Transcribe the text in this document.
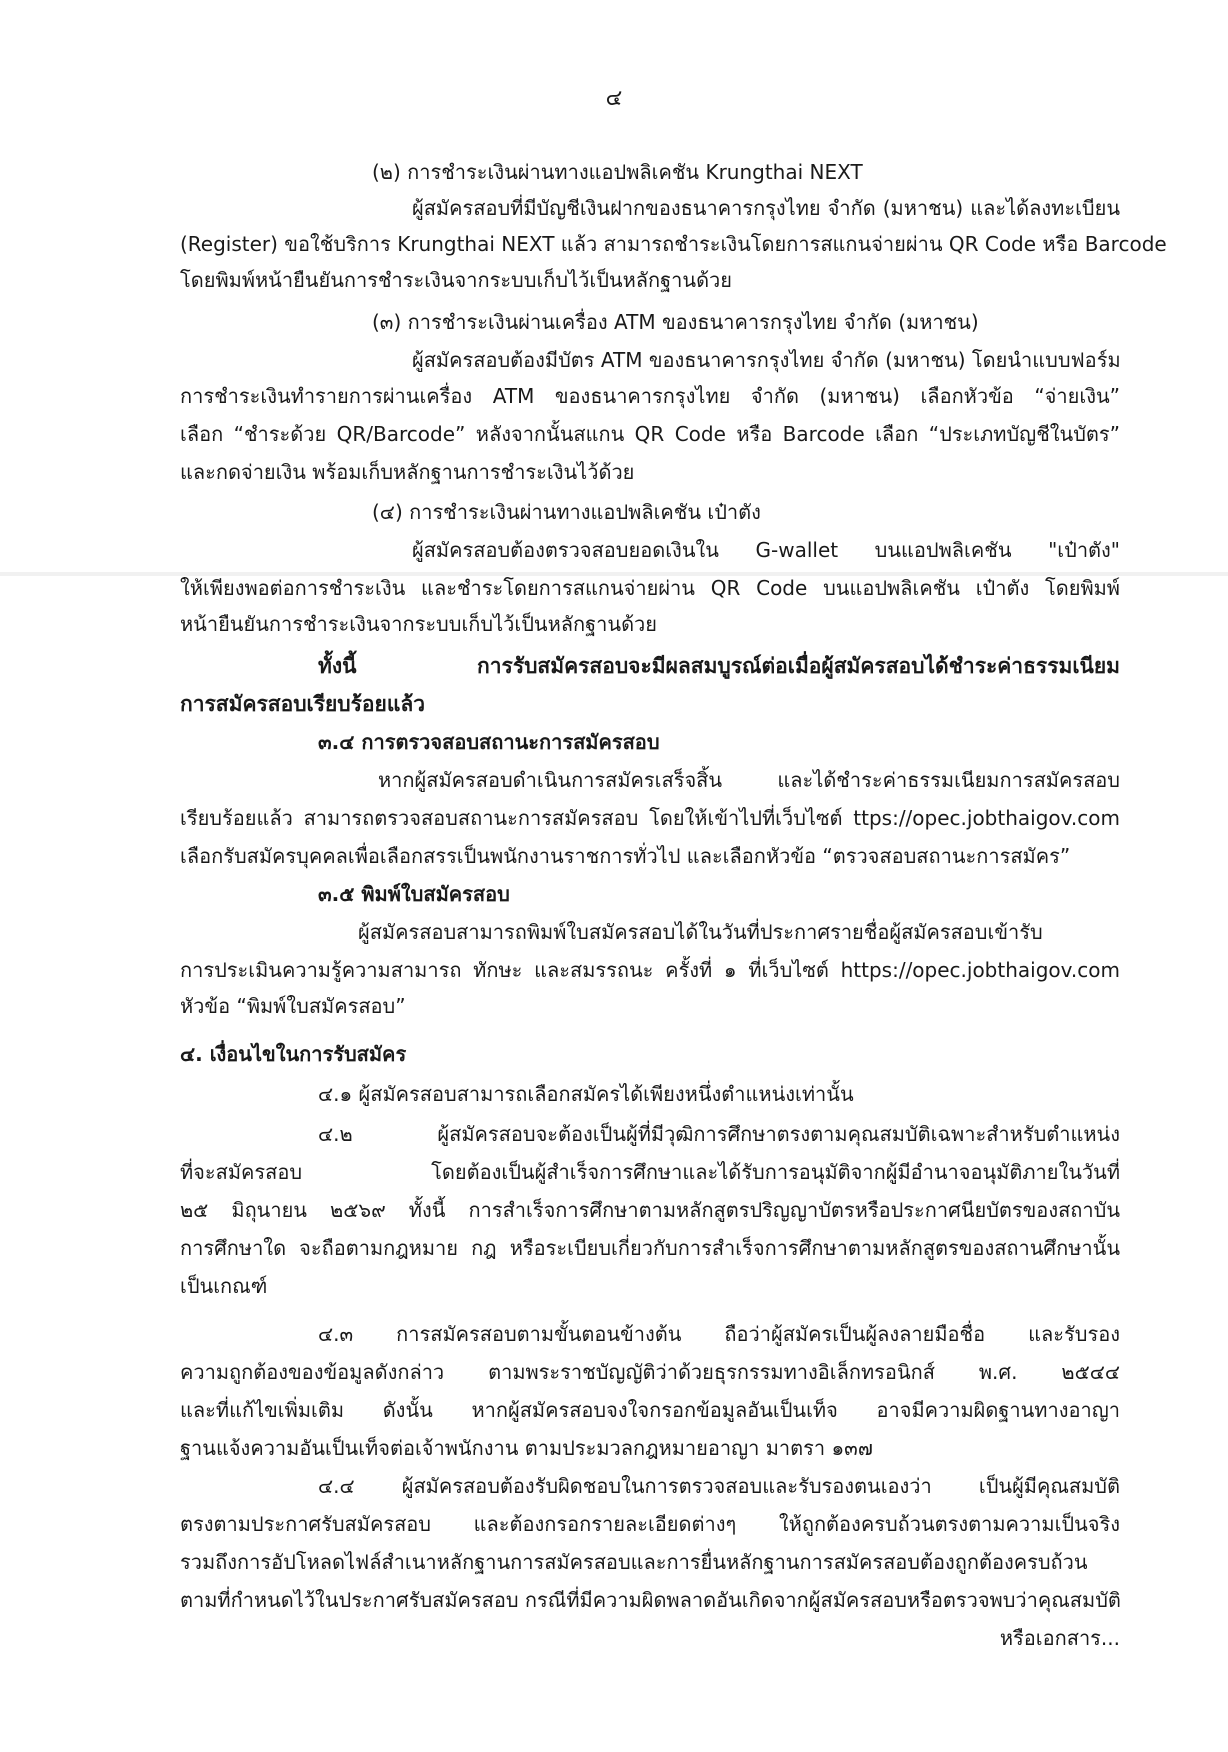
๔
(๒) การชำระเงินผ่านทางแอปพลิเคชัน Krungthai NEXT
ผู้สมัครสอบที่มีบัญชีเงินฝากของธนาคารกรุงไทย จำกัด (มหาชน) และได้ลงทะเบียน
(Register) ขอใช้บริการ Krungthai NEXT แล้ว สามารถชำระเงินโดยการสแกนจ่ายผ่าน QR Code หรือ Barcode
โดยพิมพ์หน้ายืนยันการชำระเงินจากระบบเก็บไว้เป็นหลักฐานด้วย
(๓) การชำระเงินผ่านเครื่อง ATM ของธนาคารกรุงไทย จำกัด (มหาชน)
ผู้สมัครสอบต้องมีบัตร ATM ของธนาคารกรุงไทย จำกัด (มหาชน) โดยนำแบบฟอร์ม
การชำระเงินทำรายการผ่านเครื่อง ATM ของธนาคารกรุงไทย จำกัด (มหาชน) เลือกหัวข้อ “จ่ายเงิน”
เลือก “ชำระด้วย QR/Barcode” หลังจากนั้นสแกน QR Code หรือ Barcode เลือก “ประเภทบัญชีในบัตร”
และกดจ่ายเงิน พร้อมเก็บหลักฐานการชำระเงินไว้ด้วย
(๔) การชำระเงินผ่านทางแอปพลิเคชัน เป๋าตัง
ผู้สมัครสอบต้องตรวจสอบยอดเงินใน G-wallet บนแอปพลิเคชัน "เป๋าตัง"
ให้เพียงพอต่อการชำระเงิน และชำระโดยการสแกนจ่ายผ่าน QR Code บนแอปพลิเคชัน เป๋าตัง โดยพิมพ์
หน้ายืนยันการชำระเงินจากระบบเก็บไว้เป็นหลักฐานด้วย
ทั้งนี้ การรับสมัครสอบจะมีผลสมบูรณ์ต่อเมื่อผู้สมัครสอบได้ชำระค่าธรรมเนียม
การสมัครสอบเรียบร้อยแล้ว
๓.๔ การตรวจสอบสถานะการสมัครสอบ
หากผู้สมัครสอบดำเนินการสมัครเสร็จสิ้น และได้ชำระค่าธรรมเนียมการสมัครสอบ
เรียบร้อยแล้ว สามารถตรวจสอบสถานะการสมัครสอบ โดยให้เข้าไปที่เว็บไซต์ ttps://opec.jobthaigov.com
เลือกรับสมัครบุคคลเพื่อเลือกสรรเป็นพนักงานราชการทั่วไป และเลือกหัวข้อ “ตรวจสอบสถานะการสมัคร”
๓.๕ พิมพ์ใบสมัครสอบ
ผู้สมัครสอบสามารถพิมพ์ใบสมัครสอบได้ในวันที่ประกาศรายชื่อผู้สมัครสอบเข้ารับ
การประเมินความรู้ความสามารถ ทักษะ และสมรรถนะ ครั้งที่ ๑ ที่เว็บไซต์ https://opec.jobthaigov.com
หัวข้อ “พิมพ์ใบสมัครสอบ”
๔. เงื่อนไขในการรับสมัคร
๔.๑ ผู้สมัครสอบสามารถเลือกสมัครได้เพียงหนึ่งตำแหน่งเท่านั้น
๔.๒ ผู้สมัครสอบจะต้องเป็นผู้ที่มีวุฒิการศึกษาตรงตามคุณสมบัติเฉพาะสำหรับตำแหน่ง
ที่จะสมัครสอบ โดยต้องเป็นผู้สำเร็จการศึกษาและได้รับการอนุมัติจากผู้มีอำนาจอนุมัติภายในวันที่
๒๕ มิถุนายน ๒๕๖๙ ทั้งนี้ การสำเร็จการศึกษาตามหลักสูตรปริญญาบัตรหรือประกาศนียบัตรของสถาบัน
การศึกษาใด จะถือตามกฎหมาย กฎ หรือระเบียบเกี่ยวกับการสำเร็จการศึกษาตามหลักสูตรของสถานศึกษานั้น
เป็นเกณฑ์
๔.๓ การสมัครสอบตามขั้นตอนข้างต้น ถือว่าผู้สมัครเป็นผู้ลงลายมือชื่อ และรับรอง
ความถูกต้องของข้อมูลดังกล่าว ตามพระราชบัญญัติว่าด้วยธุรกรรมทางอิเล็กทรอนิกส์ พ.ศ. ๒๕๔๔
และที่แก้ไขเพิ่มเติม ดังนั้น หากผู้สมัครสอบจงใจกรอกข้อมูลอันเป็นเท็จ อาจมีความผิดฐานทางอาญา
ฐานแจ้งความอันเป็นเท็จต่อเจ้าพนักงาน ตามประมวลกฎหมายอาญา มาตรา ๑๓๗
๔.๔ ผู้สมัครสอบต้องรับผิดชอบในการตรวจสอบและรับรองตนเองว่า เป็นผู้มีคุณสมบัติ
ตรงตามประกาศรับสมัครสอบ และต้องกรอกรายละเอียดต่างๆ ให้ถูกต้องครบถ้วนตรงตามความเป็นจริง
รวมถึงการอัปโหลดไฟล์สำเนาหลักฐานการสมัครสอบและการยื่นหลักฐานการสมัครสอบต้องถูกต้องครบถ้วน
ตามที่กำหนดไว้ในประกาศรับสมัครสอบ กรณีที่มีความผิดพลาดอันเกิดจากผู้สมัครสอบหรือตรวจพบว่าคุณสมบัติ
หรือเอกสาร...
